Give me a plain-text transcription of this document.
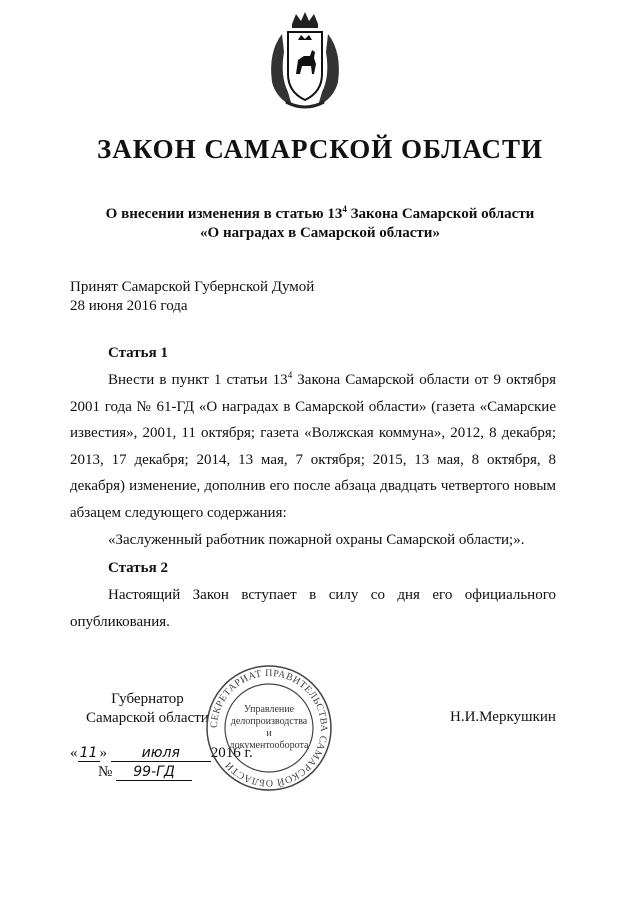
ЗАКОН САМАРСКОЙ ОБЛАСТИ
О внесении изменения в статью $13^4$ Закона Самарской области
«О наградах в Самарской области»
Принят Самарской Губернской Думой
28 июня 2016 года
Статья 1
Внести в пункт 1 статьи $13^4$ Закона Самарской области от 9 октября 2001 года № 61-ГД «О наградах в Самарской области» (газета «Самарские известия», 2001, 11 октября; газета «Волжская коммуна», 2012, 8 декабря; 2013, 17 декабря; 2014, 13 мая, 7 октября; 2015, 13 мая, 8 октября, 8 декабря) изменение, дополнив его после абзаца двадцать четвертого новым абзацем следующего содержания:
«Заслуженный работник пожарной охраны Самарской области;».
Статья 2
Настоящий Закон вступает в силу со дня его официального опубликования.
Губернатор
Самарской области	Н.И.Меркушкин
« 11 » июля 2016 г.
№ 99-ГД
СЕКРЕТАРИАТ ПРАВИТЕЛЬСТВА САМАРСКОЙ ОБЛАСТИ
Управление
делопроизводства
и документооборота
